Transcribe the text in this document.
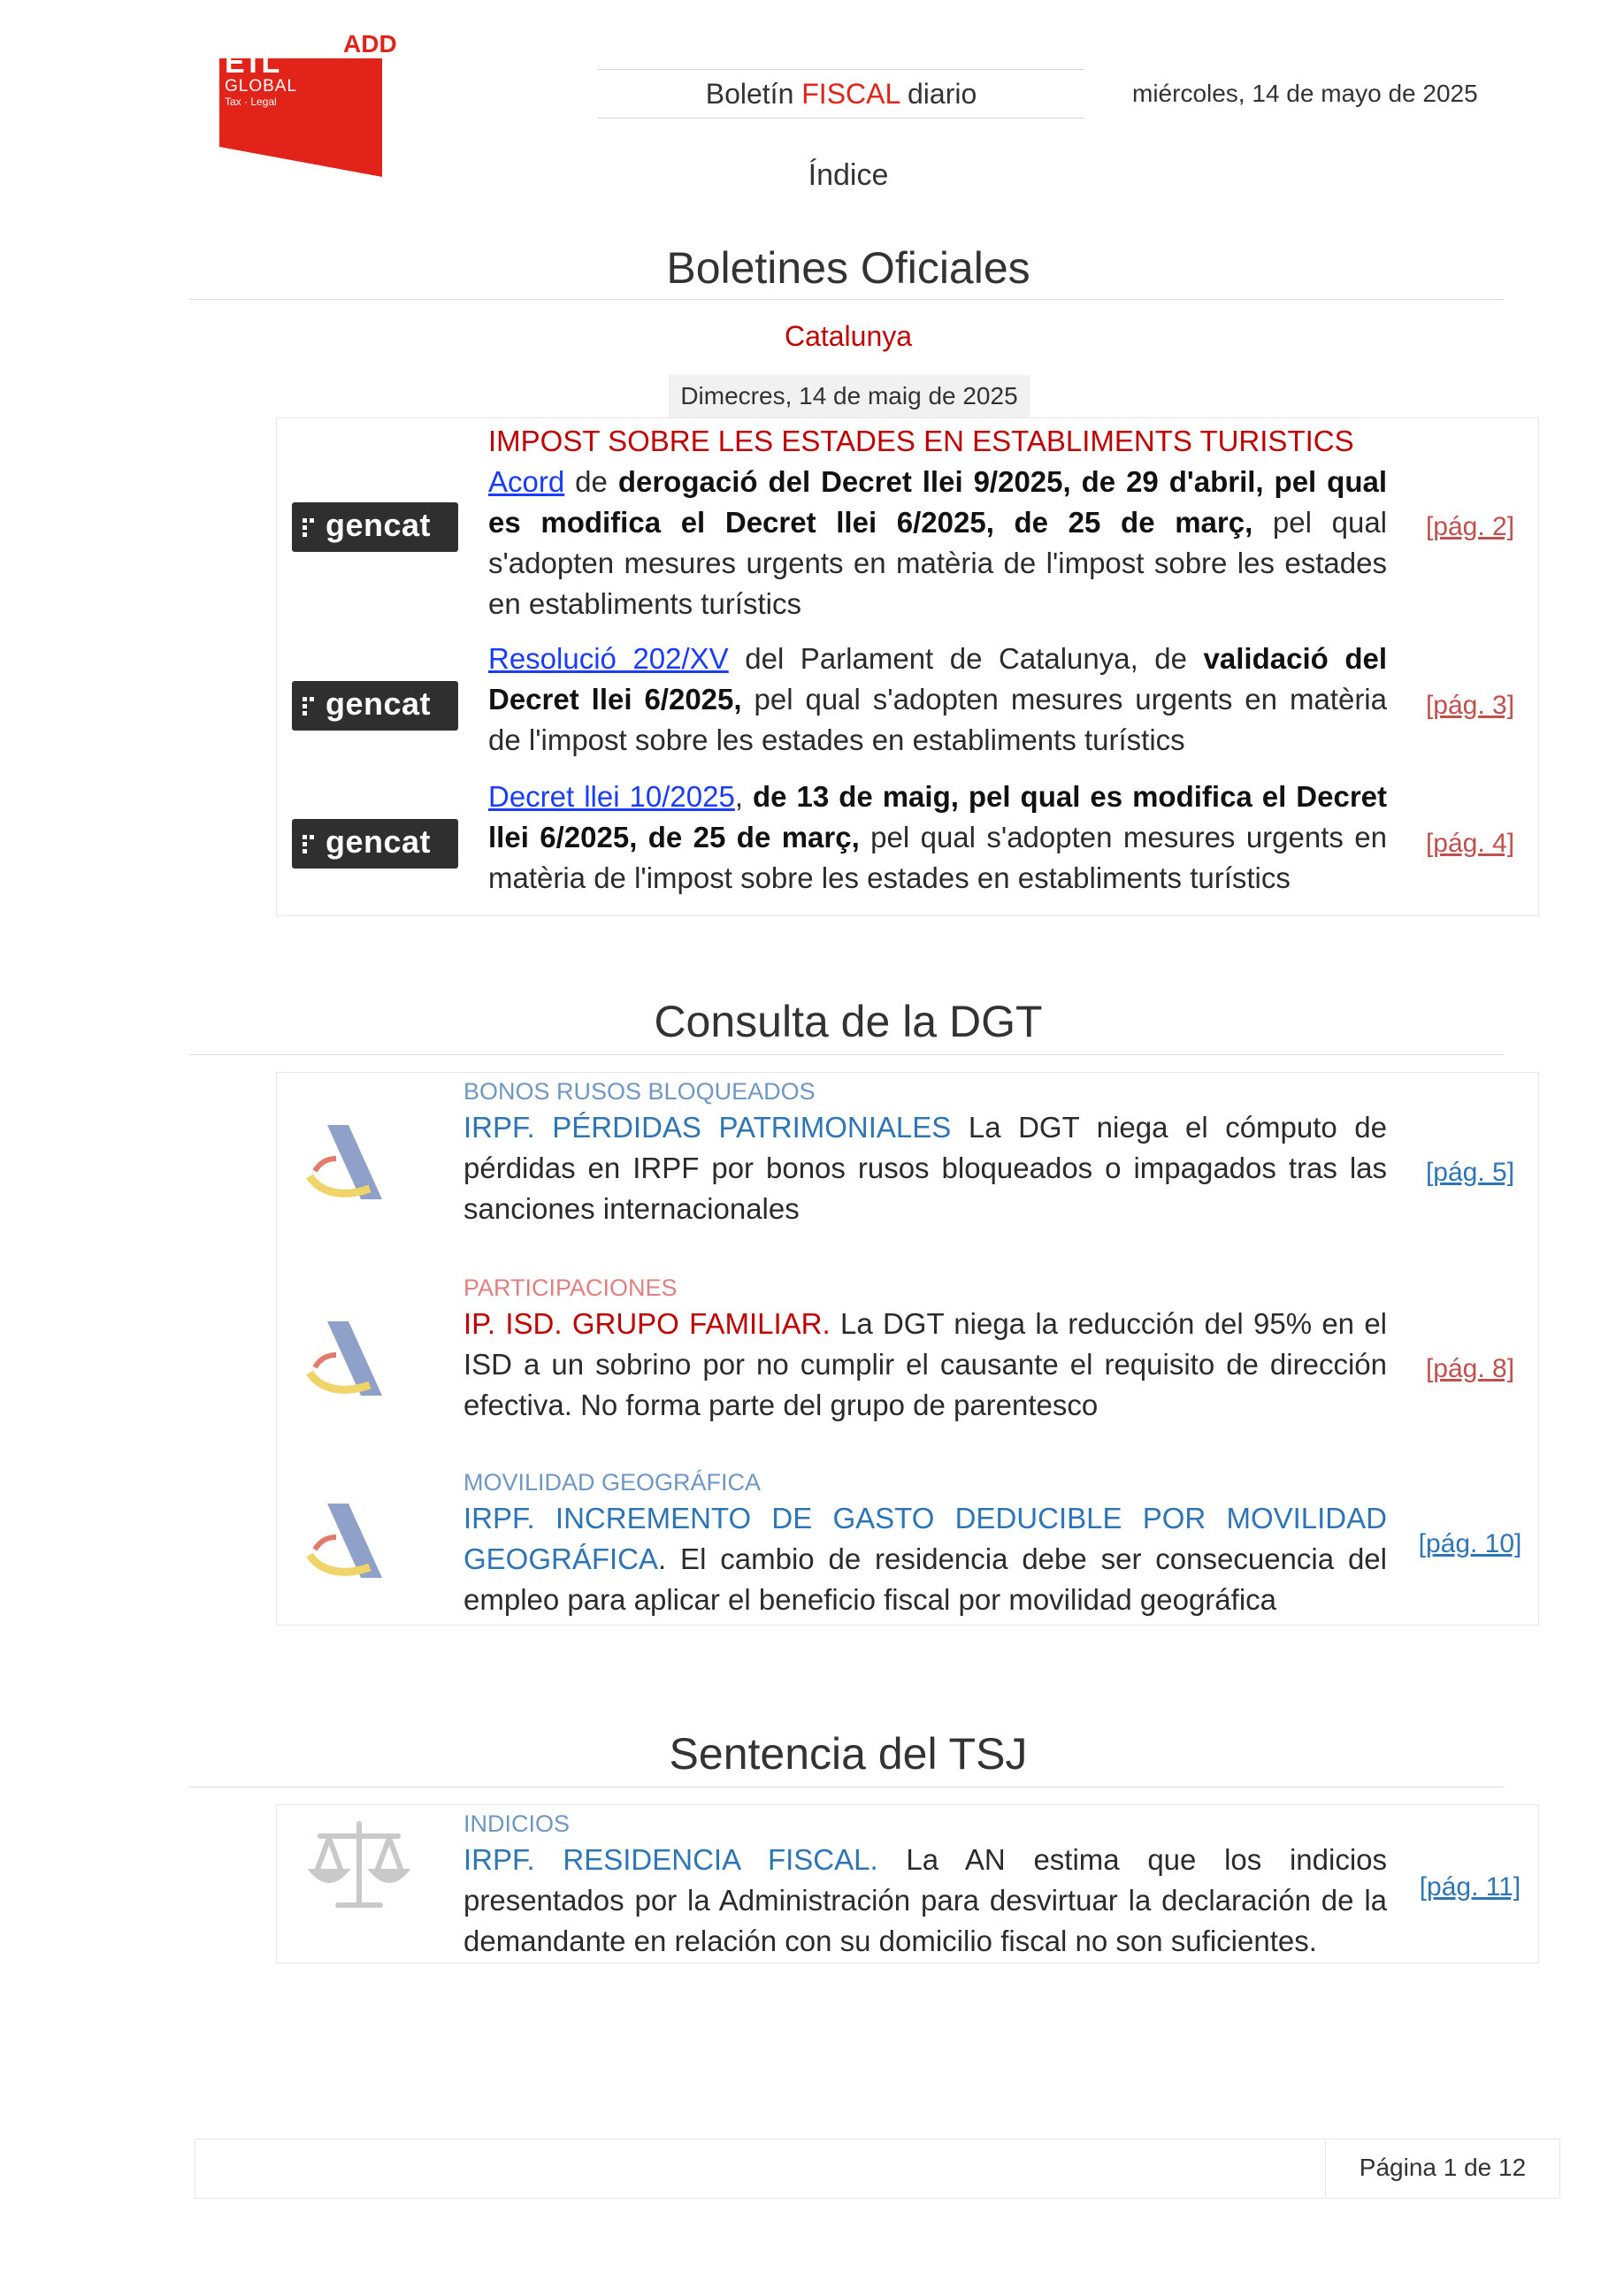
ADD
ETL
GLOBAL
Tax · Legal	Boletín FISCAL diario	miércoles, 14 de mayo de 2025
Índice
Boletines Oficiales
Catalunya
Dimecres, 14 de maig de 2025
gencat
IMPOST SOBRE LES ESTADES EN ESTABLIMENTS TURISTICS
Acord de derogació del Decret llei 9/2025, de 29 d'abril, pel qual es modifica el Decret llei 6/2025, de 25 de març, pel qual s'adopten mesures urgents en matèria de l'impost sobre les estades en establiments turístics
[pág. 2]
gencat
Resolució 202/XV del Parlament de Catalunya, de validació del Decret llei 6/2025, pel qual s'adopten mesures urgents en matèria de l'impost sobre les estades en establiments turístics
[pág. 3]
gencat
Decret llei 10/2025, de 13 de maig, pel qual es modifica el Decret llei 6/2025, de 25 de març, pel qual s'adopten mesures urgents en matèria de l'impost sobre les estades en establiments turístics
[pág. 4]
Consulta de la DGT
BONOS RUSOS BLOQUEADOS
IRPF. PÉRDIDAS PATRIMONIALES La DGT niega el cómputo de pérdidas en IRPF por bonos rusos bloqueados o impagados tras las sanciones internacionales
[pág. 5]
PARTICIPACIONES
IP. ISD. GRUPO FAMILIAR. La DGT niega la reducción del 95% en el ISD a un sobrino por no cumplir el causante el requisito de dirección efectiva. No forma parte del grupo de parentesco
[pág. 8]
MOVILIDAD GEOGRÁFICA
IRPF. INCREMENTO DE GASTO DEDUCIBLE POR MOVILIDAD GEOGRÁFICA. El cambio de residencia debe ser consecuencia del empleo para aplicar el beneficio fiscal por movilidad geográfica
[pág. 10]
Sentencia del TSJ
INDICIOS
IRPF. RESIDENCIA FISCAL. La AN estima que los indicios presentados por la Administración para desvirtuar la declaración de la demandante en relación con su domicilio fiscal no son suficientes.
[pág. 11]
Página 1 de 12
